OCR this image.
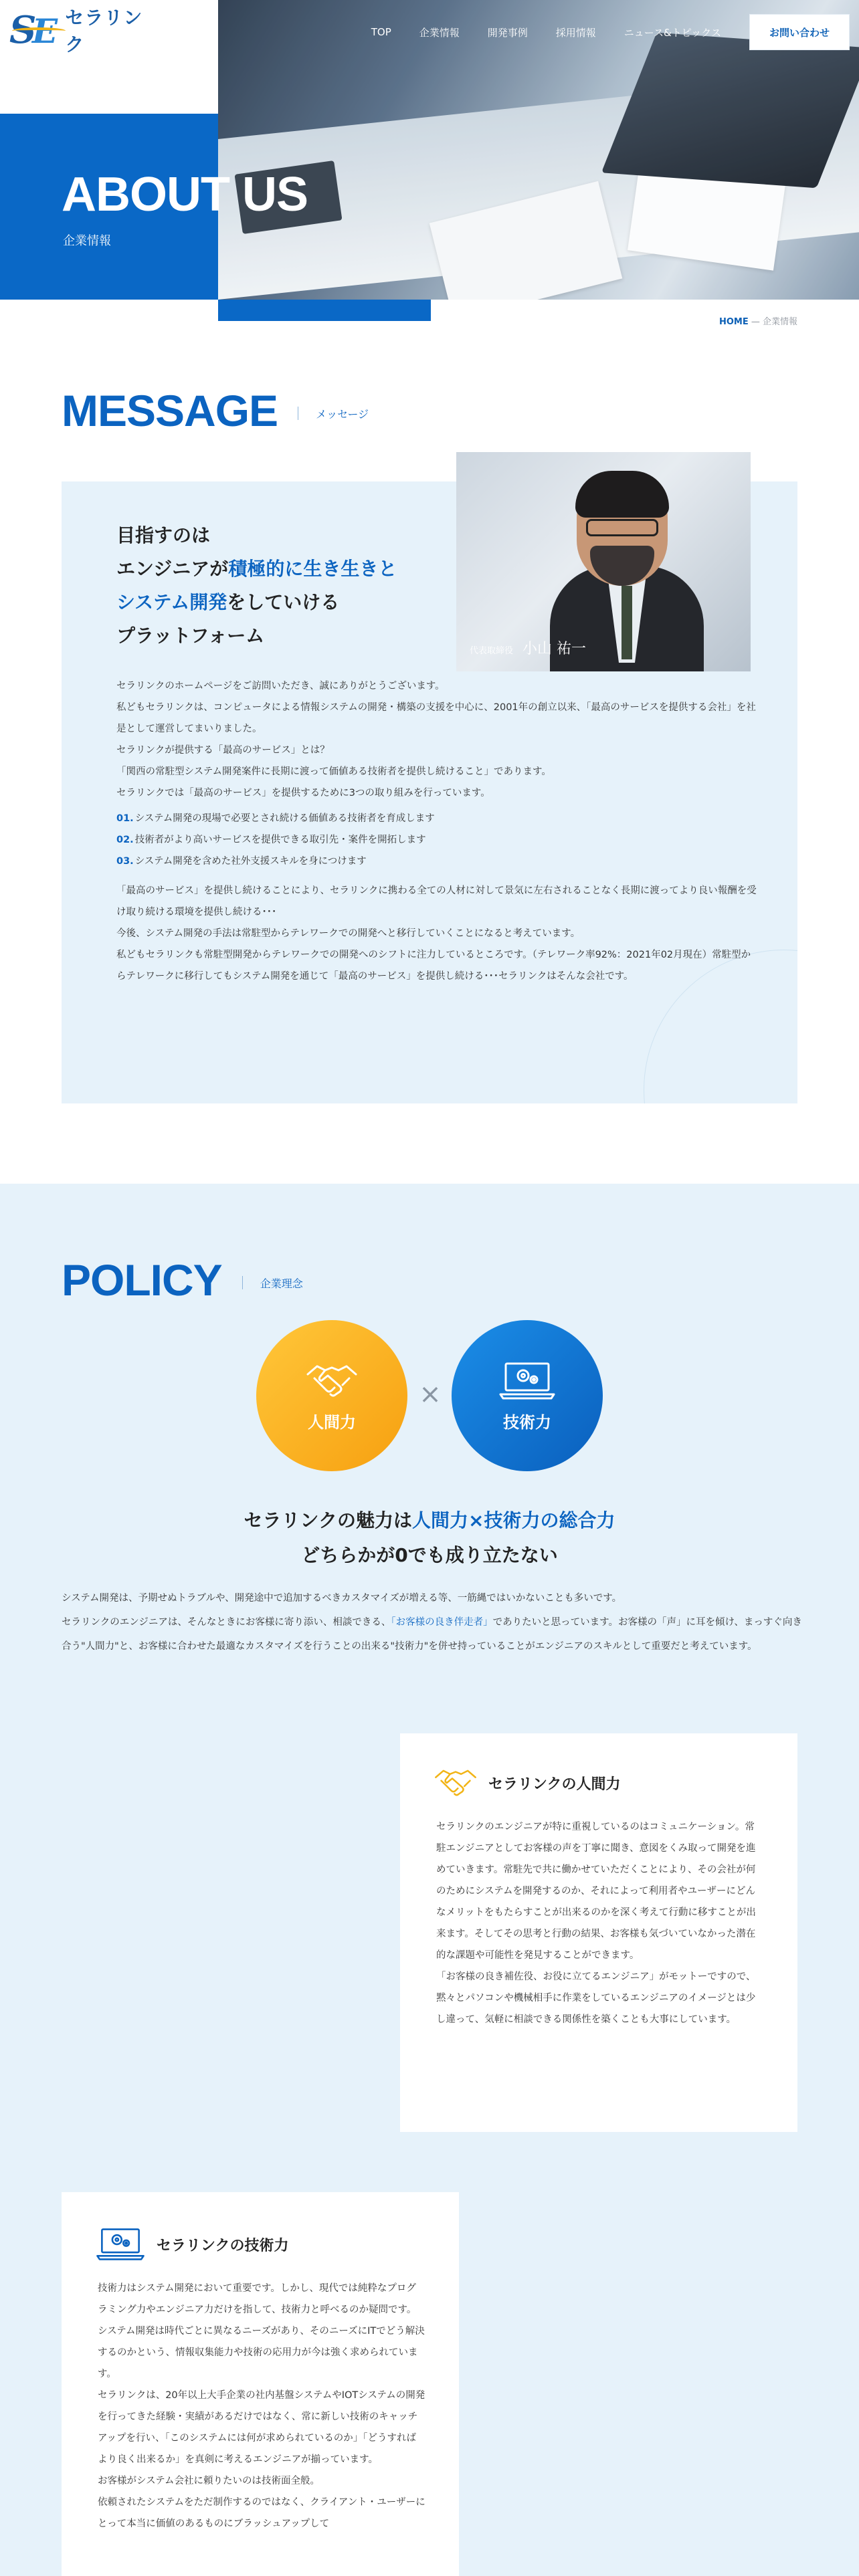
S
E セラリンク
TOP	企業情報	開発事例	採用情報	ニュース&トピックス	お問い合わせ
ABOUT US
企業情報
HOME — 企業情報
MESSAGE	メッセージ
代表取締役 小山 祐一
目指すのは
エンジニアが積極的に生き生きと
システム開発をしていける
プラットフォーム

セラリンクのホームページをご訪問いただき、誠にありがとうございます。

私どもセラリンクは、コンピュータによる情報システムの開発・構築の支援を中心に、2001年の創立以来、「最高のサービスを提供する会社」を社是として運営してまいりました。

セラリンクが提供する「最高のサービス」とは？

「関西の常駐型システム開発案件に長期に渡って価値ある技術者を提供し続けること」であります。

セラリンクでは「最高のサービス」を提供するために3つの取り組みを行っています。

01. システム開発の現場で必要とされ続ける価値ある技術者を育成します
02. 技術者がより高いサービスを提供できる取引先・案件を開拓します
03. システム開発を含めた社外支援スキルを身につけます

「最高のサービス」を提供し続けることにより、セラリンクに携わる全ての人材に対して景気に左右されることなく長期に渡ってより良い報酬を受け取り続ける環境を提供し続ける･･･

今後、システム開発の手法は常駐型からテレワークでの開発へと移行していくことになると考えています。

私どもセラリンクも常駐型開発からテレワークでの開発へのシフトに注力しているところです。（テレワーク率92%：2021年02月現在）常駐型からテレワークに移行してもシステム開発を通じて「最高のサービス」を提供し続ける･･･セラリンクはそんな会社です。

POLICY	企業理念
人間力
×
技術力
セラリンクの魅力は人間力×技術力の総合力
どちらかが0でも成り立たない

システム開発は、予期せぬトラブルや、開発途中で追加するべきカスタマイズが増える等、一筋縄ではいかないことも多いです。

セラリンクのエンジニアは、そんなときにお客様に寄り添い、相談できる、「お客様の良き伴走者」でありたいと思っています。お客様の「声」に耳を傾け、まっすぐ向き合う"人間力"と、お客様に合わせた最適なカスタマイズを行うことの出来る"技術力"を併せ持っていることがエンジニアのスキルとして重要だと考えています。

セラリンクの人間力

セラリンクのエンジニアが特に重視しているのはコミュニケーション。常駐エンジニアとしてお客様の声を丁寧に聞き、意図をくみ取って開発を進めていきます。常駐先で共に働かせていただくことにより、その会社が何のためにシステムを開発するのか、それによって利用者やユーザーにどんなメリットをもたらすことが出来るのかを深く考えて行動に移すことが出来ます。そしてその思考と行動の結果、お客様も気づいていなかった潜在的な課題や可能性を発見することができます。

「お客様の良き補佐役、お役に立てるエンジニア」がモットーですので、黙々とパソコンや機械相手に作業をしているエンジニアのイメージとは少し違って、気軽に相談できる関係性を築くことも大事にしています。

セラリンクの技術力

技術力はシステム開発において重要です。しかし、現代では純粋なプログラミング力やエンジニア力だけを指して、技術力と呼べるのか疑問です。システム開発は時代ごとに異なるニーズがあり、そのニーズにITでどう解決するのかという、情報収集能力や技術の応用力が今は強く求められています。

セラリンクは、20年以上大手企業の社内基盤システムやIOTシステムの開発を行ってきた経験・実績があるだけではなく、常に新しい技術のキャッチアップを行い、「このシステムには何が求められているのか」「どうすればより良く出来るか」を真剣に考えるエンジニアが揃っています。

お客様がシステム会社に頼りたいのは技術面全般。

依頼されたシステムをただ制作するのではなく、クライアント・ユーザーにとって本当に価値のあるものにブラッシュアップして
